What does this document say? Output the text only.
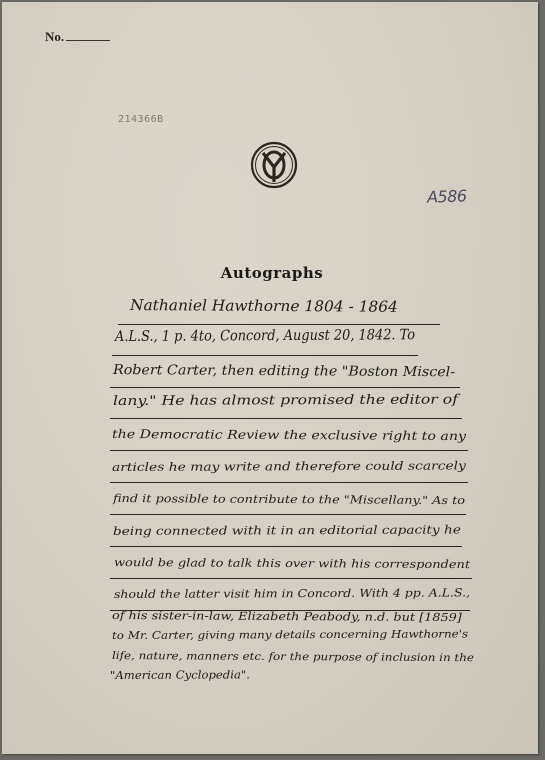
No.
214366B
A586
Autographs
Nathaniel Hawthorne 1804 - 1864
A.L.S., 1 p. 4to, Concord, August 20, 1842. To
Robert Carter, then editing the "Boston Miscel-
lany." He has almost promised the editor of
the Democratic Review the exclusive right to any
articles he may write and therefore could scarcely
find it possible to contribute to the "Miscellany." As to
being connected with it in an editorial capacity he
would be glad to talk this over with his correspondent
should the latter visit him in Concord. With 4 pp. A.L.S.,
of his sister-in-law, Elizabeth Peabody, n.d. but [1859]
to Mr. Carter, giving many details concerning Hawthorne's
life, nature, manners etc. for the purpose of inclusion in the
"American Cyclopedia".
